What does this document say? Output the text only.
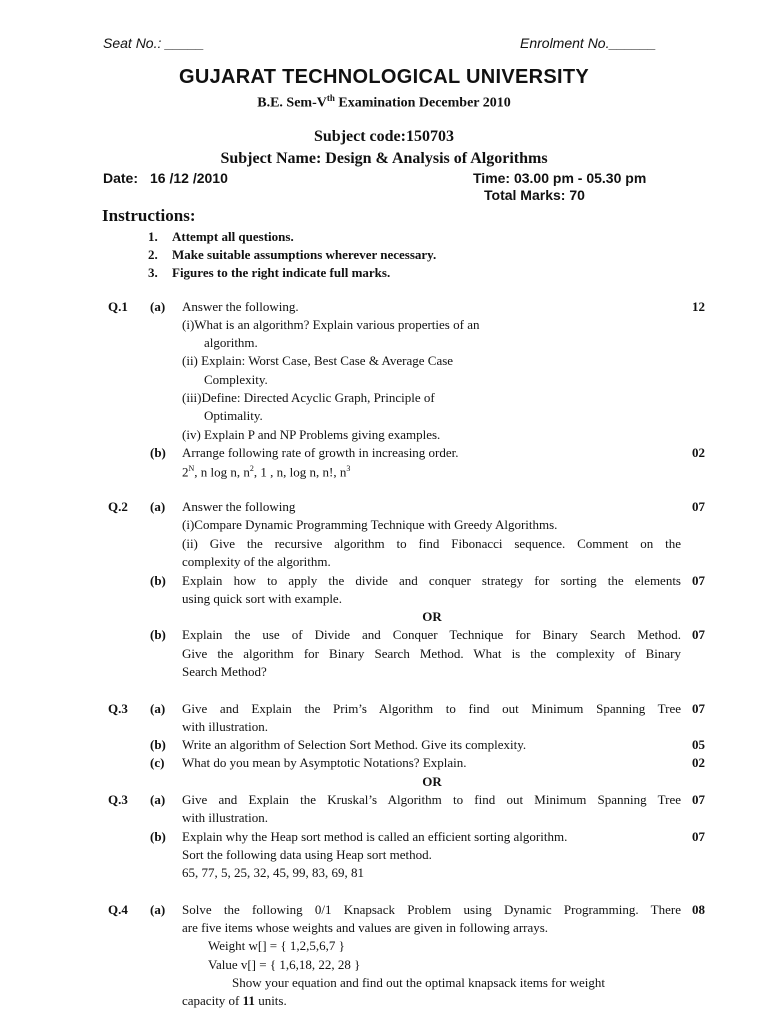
Seat No.: _____	Enrolment No.______
GUJARAT TECHNOLOGICAL UNIVERSITY
B.E. Sem-Vth Examination December 2010
Subject code:150703
Subject Name: Design & Analysis of Algorithms
Date: 16 /12 /2010	Time: 03.00 pm - 05.30 pm
Total Marks: 70
Instructions:
1. Attempt all questions.
2. Make suitable assumptions wherever necessary.
3. Figures to the right indicate full marks.
Q.1 (a) Answer the following.	12
(i)What is an algorithm? Explain various properties of an
algorithm.
(ii) Explain: Worst Case, Best Case & Average Case
Complexity.
(iii)Define: Directed Acyclic Graph, Principle of
Optimality.
(iv) Explain P and NP Problems giving examples.
(b) Arrange following rate of growth in increasing order.	02
$2^N$, n log n, $n^2$, 1 , n, log n, n!, $n^3$
Q.2 (a) Answer the following	07
(i)Compare Dynamic Programming Technique with Greedy Algorithms.
(ii) Give the recursive algorithm to find Fibonacci sequence. Comment on the
complexity of the algorithm.
(b) Explain how to apply the divide and conquer strategy for sorting the elements 07
using quick sort with example.
OR
(b) Explain the use of Divide and Conquer Technique for Binary Search Method. 07
Give the algorithm for Binary Search Method. What is the complexity of Binary
Search Method?
Q.3 (a) Give and Explain the Prim’s Algorithm to find out Minimum Spanning Tree 07
with illustration.
(b) Write an algorithm of Selection Sort Method. Give its complexity.	05
(c) What do you mean by Asymptotic Notations? Explain.	02
OR
Q.3 (a) Give and Explain the Kruskal’s Algorithm to find out Minimum Spanning Tree 07
with illustration.
(b) Explain why the Heap sort method is called an efficient sorting algorithm.	07
Sort the following data using Heap sort method.
65, 77, 5, 25, 32, 45, 99, 83, 69, 81
Q.4 (a) Solve the following 0/1 Knapsack Problem using Dynamic Programming. There 08
are five items whose weights and values are given in following arrays.
Weight w[] = { 1,2,5,6,7 }
Value v[] = { 1,6,18, 22, 28 }
Show your equation and find out the optimal knapsack items for weight
capacity of 11 units.
